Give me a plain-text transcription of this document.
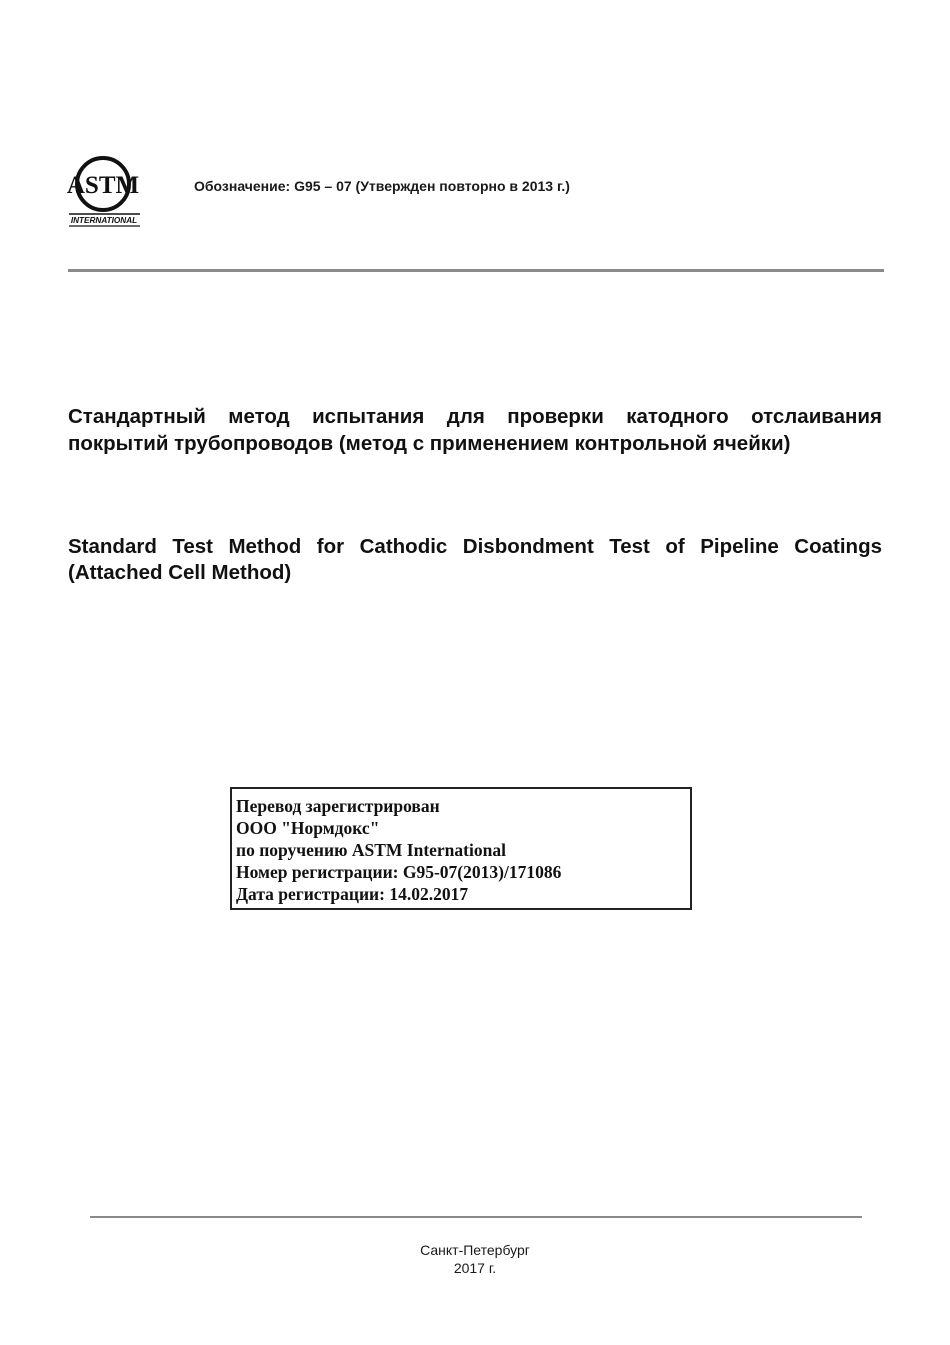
ASTM
INTERNATIONAL
Обозначение: G95 – 07 (Утвержден повторно в 2013 г.)
Стандартный метод испытания для проверки катодного отслаивания покрытий трубопроводов (метод с применением контрольной ячейки)
Standard Test Method for Cathodic Disbondment Test of Pipeline Coatings (Attached Cell Method)
Перевод зарегистрирован
ООО "Нормдокс"
по поручению ASTM International
Номер регистрации: G95-07(2013)/171086
Дата регистрации: 14.02.2017
Санкт-Петербург
2017 г.
